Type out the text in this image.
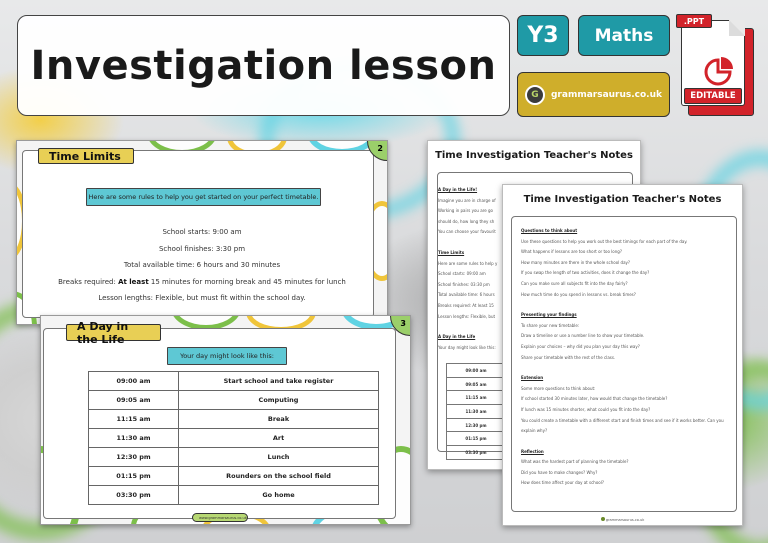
Investigation lesson
Y3	Maths
G	grammarsaurus.co.uk
.PPT
EDITABLE
Time Limits
2
Here are some rules to help you get started on your perfect timetable.

School starts: 9:00 am

School finishes: 3:30 pm

Total available time: 6 hours and 30 minutes

Breaks required: At least 15 minutes for morning break and 45 minutes for lunch

Lesson lengths: Flexible, but must fit within the school day.

A Day in the Life
3
Your day might look like this:
09:00 am	Start school and take register
09:05 am	Computing
11:15 am	Break
11:30 am	Art
12:30 pm	Lunch
01:15 pm	Rounders on the school field
03:30 pm	Go home
www.grammarsaurus.co.uk
Time Investigation Teacher's Notes

A Day in the Life!

Imagine you are in charge of

Working in pairs you are go

should do, how long they sh

You can choose your favourit

Time Limits

Here are some rules to help y

School starts: 09:00 am

School finishes: 03:30 pm

Total available time: 6 hours

Breaks required: At least 15

Lesson lengths: Flexible, but

A Day in the Life

Your day might look like this:

09:00 am
09:05 am
11:15 am
11:30 am
12:30 pm
01:15 pm
03:30 pm
Time Investigation Teacher's Notes

Questions to think about

Use these questions to help you work out the best timings for each part of the day.

What happens if lessons are too short or too long?

How many minutes are there in the whole school day?

If you swap the length of two activities, does it change the day?

Can you make sure all subjects fit into the day fairly?

How much time do you spend in lessons vs. break times?

Presenting your findings

To share your new timetable:

Draw a timeline or use a number line to show your timetable.

Explain your choices – why did you plan your day this way?

Share your timetable with the rest of the class.

Extension

Some more questions to think about:

If school started 30 minutes later, how would that change the timetable?

If lunch was 15 minutes shorter, what could you fit into the day?

You could create a timetable with a different start and finish times and see if it works better. Can you

explain why?

Reflection

What was the hardest part of planning the timetable?

Did you have to make changes? Why?

How does time affect your day at school?

grammarsaurus.co.uk
